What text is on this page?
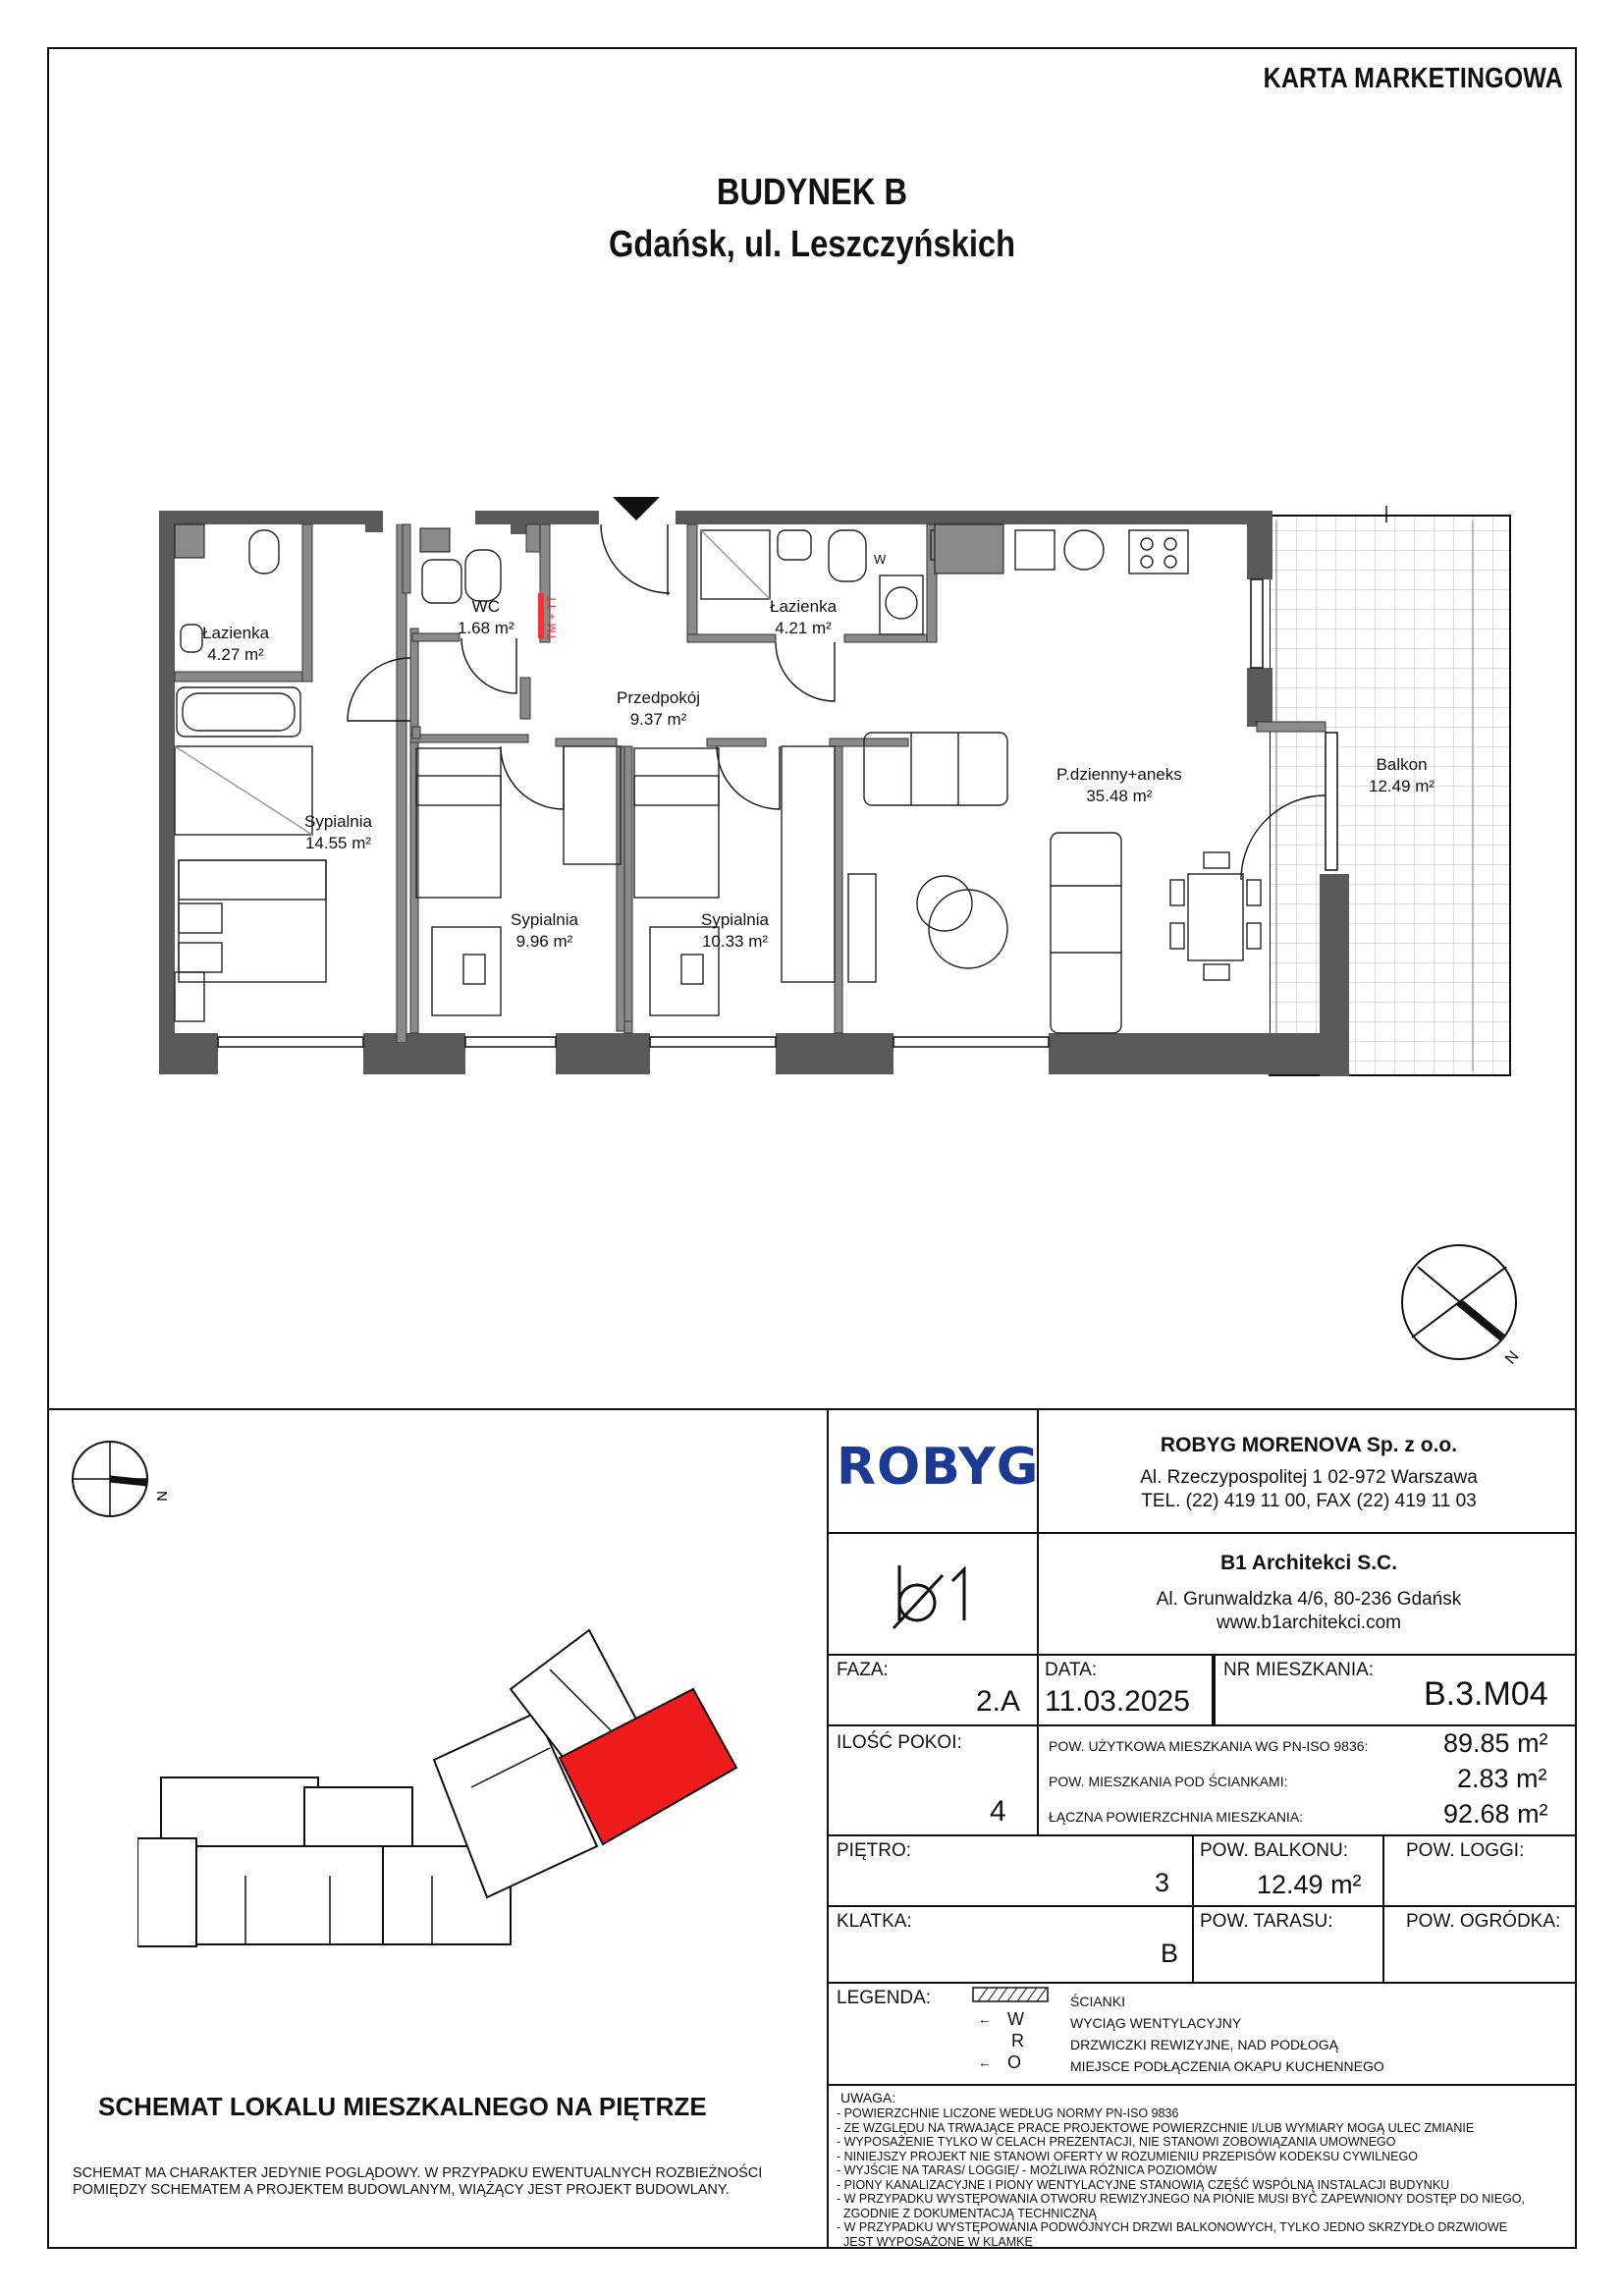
KARTA MARKETINGOWA
BUDYNEK B
Gdańsk, ul. Leszczyńskich
TM + TT
W
Łazienka
4.27 m²
WC
1.68 m²
Łazienka
4.21 m²
Przedpokój
9.37 m²
Sypialnia
14.55 m²
Sypialnia
9.96 m²
Sypialnia
10.33 m²
P.dzienny+aneks
35.48 m²
Balkon
12.49 m²
N
N
SCHEMAT LOKALU MIESZKALNEGO NA PIĘTRZE
SCHEMAT MA CHARAKTER JEDYNIE POGLĄDOWY. W PRZYPADKU EWENTUALNYCH ROZBIEŻNOŚCI
POMIĘDZY SCHEMATEM A PROJEKTEM BUDOWLANYM, WIĄŻĄCY JEST PROJEKT BUDOWLANY.
ROBYG	ROBYG MORENOVA Sp. z o.o.
Al. Rzeczypospolitej 1 02-972 Warszawa
TEL. (22) 419 11 00, FAX (22) 419 11 03
B1 Architekci S.C.
Al. Grunwaldzka 4/6, 80-236 Gdańsk
www.b1architekci.com
FAZA:
2.A
DATA:
11.03.2025
NR MIESZKANIA:
B.3.M04
ILOŚĆ POKOI:
4
POW. UŻYTKOWA MIESZKANIA WG PN-ISO 9836:	89.85 m²
POW. MIESZKANIA POD ŚCIANKAMI:	2.83 m²
ŁĄCZNA POWIERZCHNIA MIESZKANIA:	92.68 m²
PIĘTRO:
3
POW. BALKONU:
12.49 m²
POW. LOGGI:
KLATKA:
B
POW. TARASU:	POW. OGRÓDKA:
LEGENDA:	ŚCIANKI
← W	WYCIĄG WENTYLACYJNY
R	DRZWICZKI REWIZYJNE, NAD PODŁOGĄ
← O	MIEJSCE PODŁĄCZENIA OKAPU KUCHENNEGO
UWAGA:
- POWIERZCHNIE LICZONE WEDŁUG NORMY PN-ISO 9836
- ZE WZGLĘDU NA TRWAJĄCE PRACE PROJEKTOWE POWIERZCHNIE I/LUB WYMIARY MOGĄ ULEC ZMIANIE
- WYPOSAŻENIE TYLKO W CELACH PREZENTACJI, NIE STANOWI ZOBOWIĄZANIA UMOWNEGO
- NINIEJSZY PROJEKT NIE STANOWI OFERTY W ROZUMIENIU PRZEPISÓW KODEKSU CYWILNEGO
- WYJŚCIE NA TARAS/ LOGGIĘ/ - MOŻLIWA RÓŻNICA POZIOMÓW
- PIONY KANALIZACYJNE I PIONY WENTYLACYJNE STANOWIĄ CZĘŚĆ WSPÓLNĄ INSTALACJI BUDYNKU
- W PRZYPADKU WYSTĘPOWANIA OTWORU REWIZYJNEGO NA PIONIE MUSI BYĆ ZAPEWNIONY DOSTĘP DO NIEGO,
ZGODNIE Z DOKUMENTACJĄ TECHNICZNĄ
- W PRZYPADKU WYSTĘPOWANIA PODWÓJNYCH DRZWI BALKONOWYCH, TYLKO JEDNO SKRZYDŁO DRZWIOWE
JEST WYPOSAŻONE W KLAMKĘ
